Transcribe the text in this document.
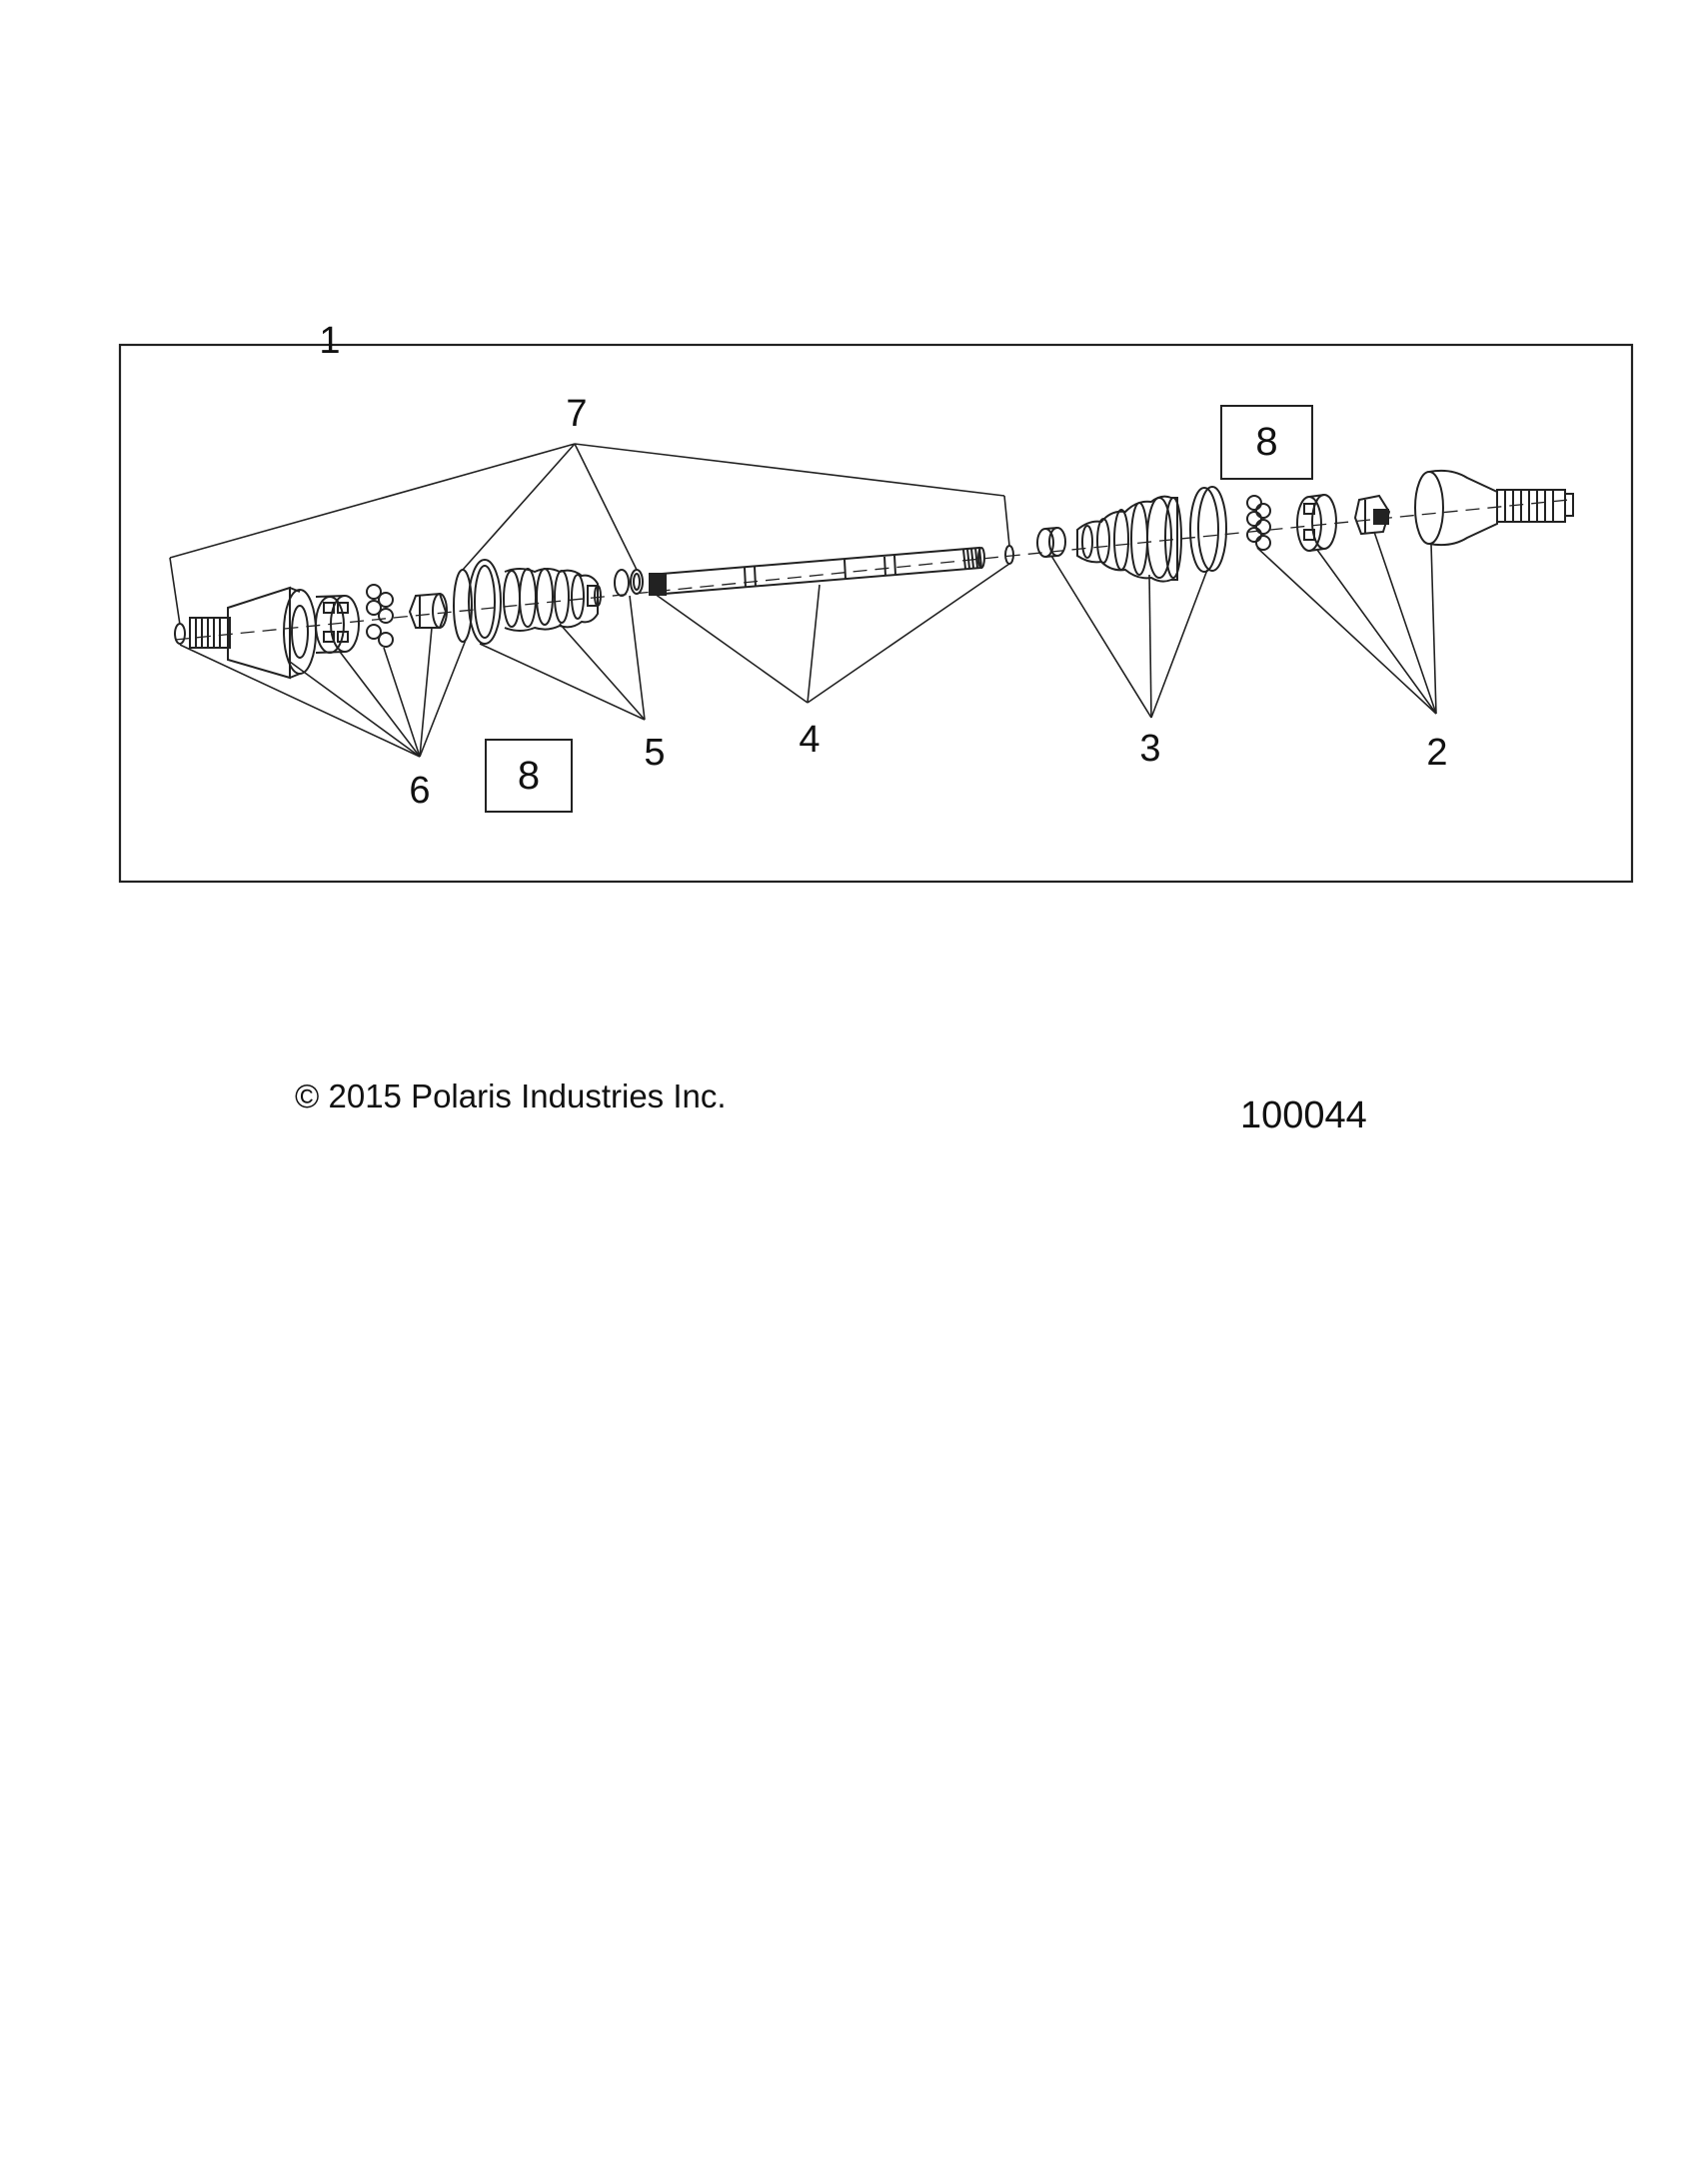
1
7
6
5	4	3	2
8
8
© 2015 Polaris Industries Inc.	100044
